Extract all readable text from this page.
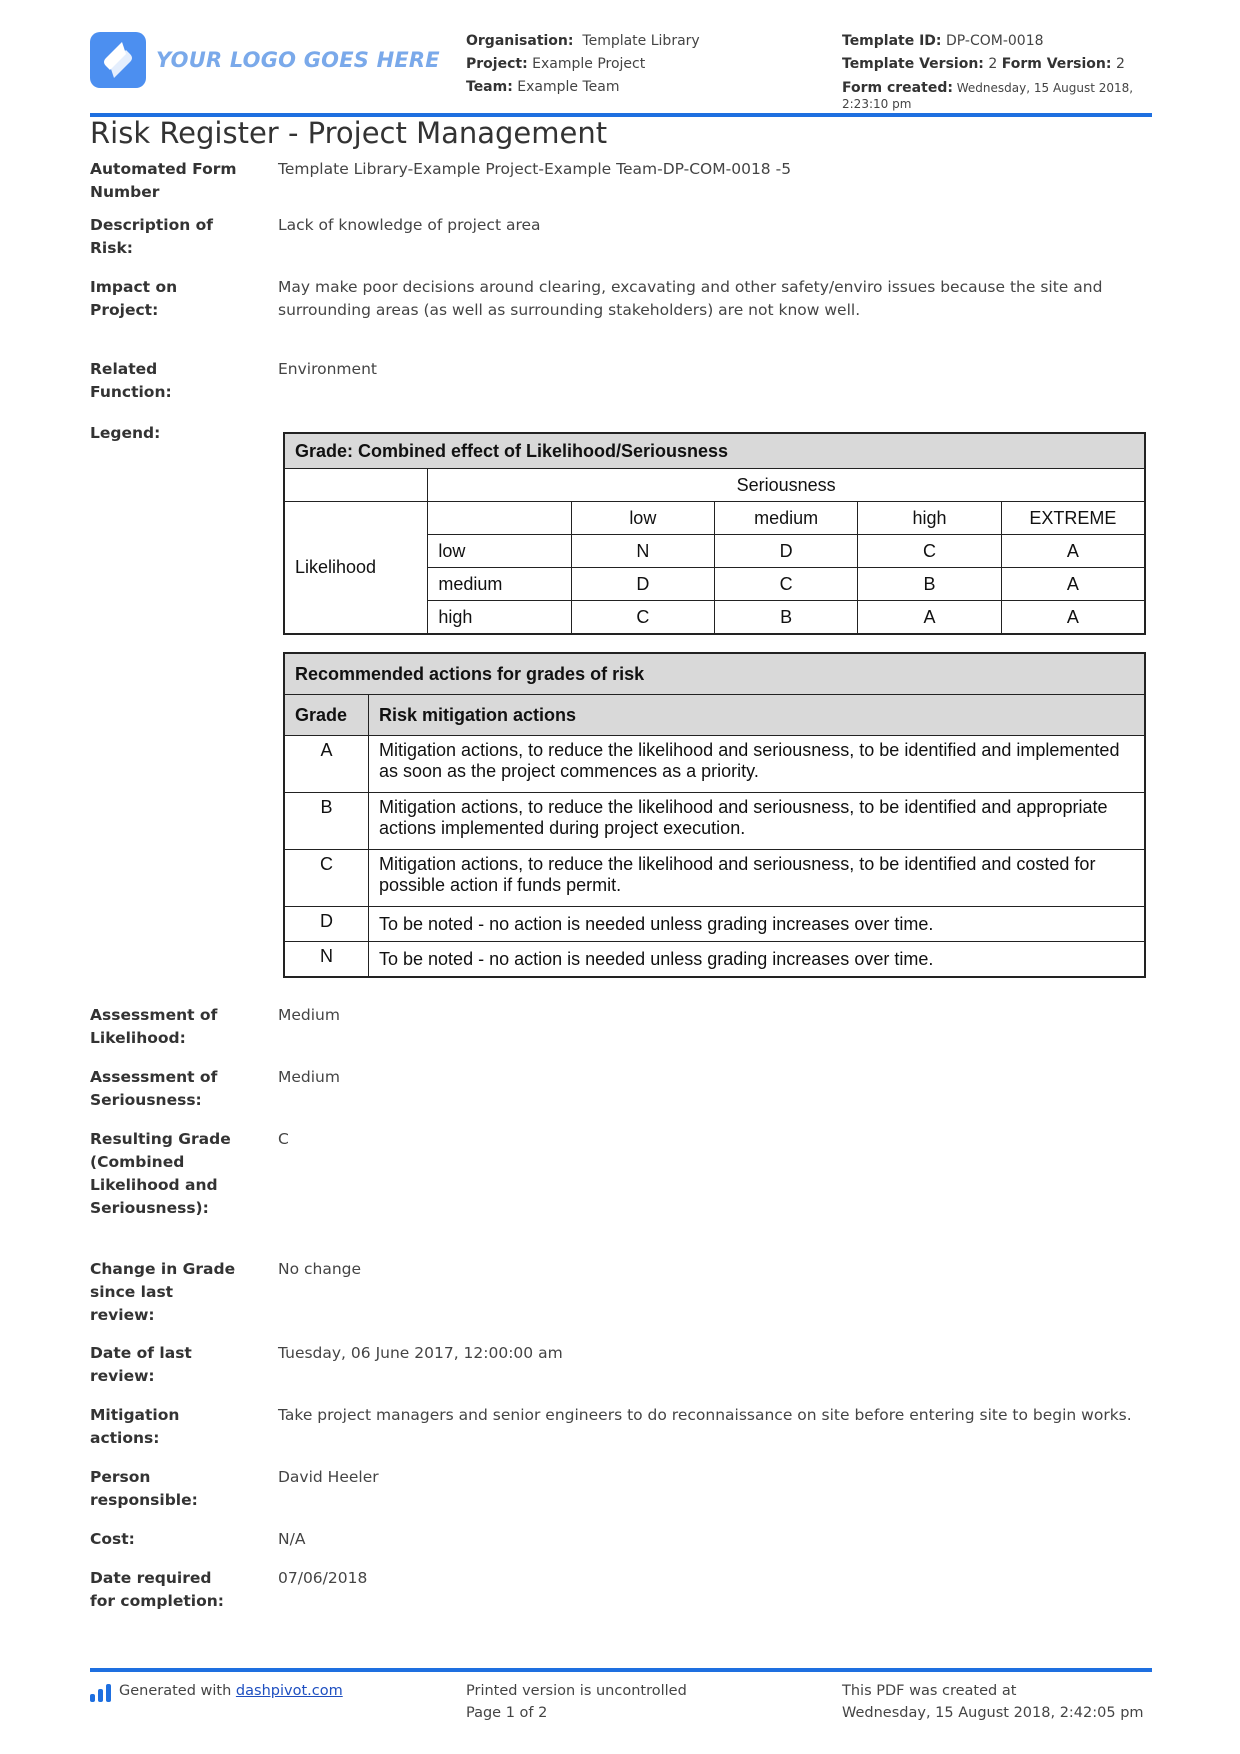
YOUR LOGO GOES HERE
Organisation: Template Library
Project: Example Project
Team: Example Team
Template ID: DP-COM-0018
Template Version: 2 Form Version: 2
Form created: Wednesday, 15 August 2018, 2:23:10 pm
Risk Register - Project Management
Automated Form Number
Template Library-Example Project-Example Team-DP-COM-0018 -5
Description of Risk:
Lack of knowledge of project area
Impact on Project:
May make poor decisions around clearing, excavating and other safety/enviro issues because the site and surrounding areas (as well as surrounding stakeholders) are not know well.
Related Function:
Environment
Legend:
Grade: Combined effect of Likelihood/Seriousness					
	Seriousness				
Likelihood		low	medium	high	EXTREME
	low	N	D	C	A
	medium	D	C	B	A
	high	C	B	A	A
Recommended actions for grades of risk	
Grade	Risk mitigation actions
A	Mitigation actions, to reduce the likelihood and seriousness, to be identified and implemented as soon as the project commences as a priority.
B	Mitigation actions, to reduce the likelihood and seriousness, to be identified and appropriate actions implemented during project execution.
C	Mitigation actions, to reduce the likelihood and seriousness, to be identified and costed for possible action if funds permit.
D	To be noted - no action is needed unless grading increases over time.
N	To be noted - no action is needed unless grading increases over time.
Assessment of Likelihood:
Medium
Assessment of Seriousness:
Medium
Resulting Grade (Combined Likelihood and Seriousness):
C
Change in Grade since last review:
No change
Date of last review:
Tuesday, 06 June 2017, 12:00:00 am
Mitigation actions:
Take project managers and senior engineers to do reconnaissance on site before entering site to begin works.
Person responsible:
David Heeler
Cost:	N/A
Date required for completion:
07/06/2018
Generated with dashpivot.com	Printed version is uncontrolled
Page 1 of 2
This PDF was created at
Wednesday, 15 August 2018, 2:42:05 pm
